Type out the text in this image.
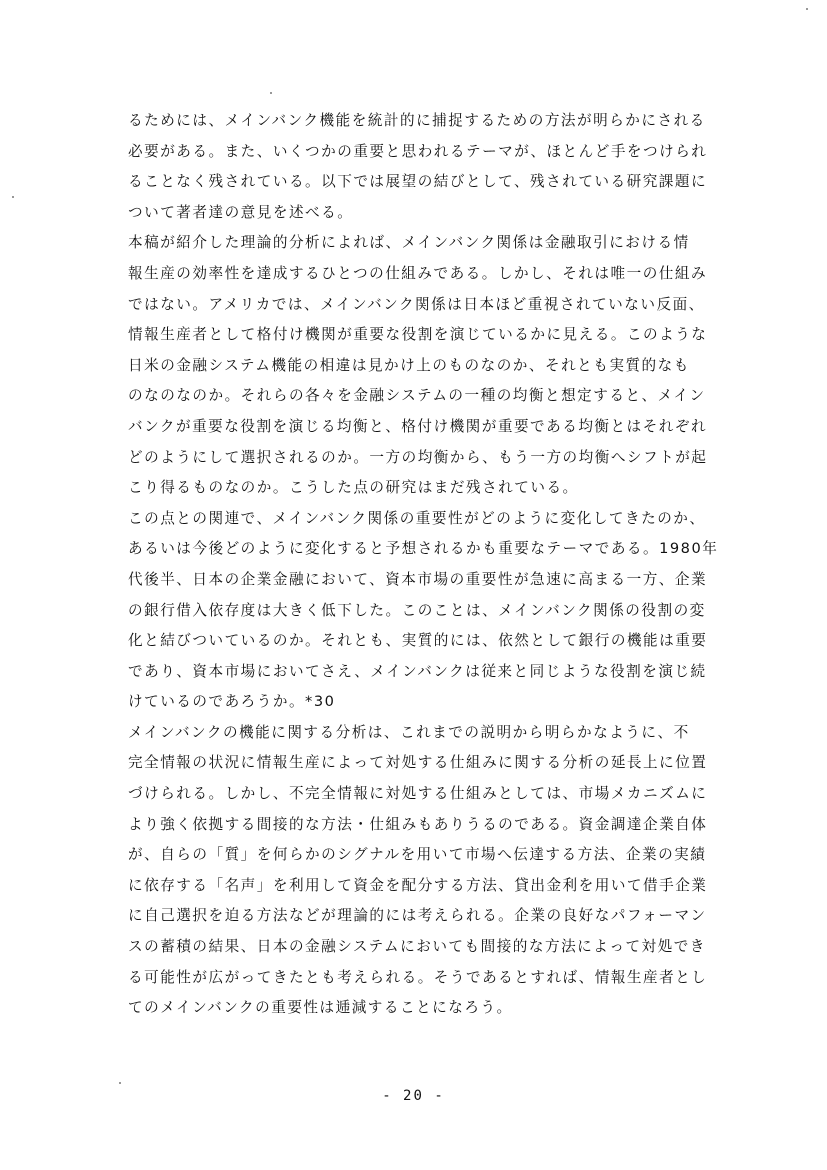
るためには、メインバンク機能を統計的に捕捉するための方法が明らかにされる
必要がある。また、いくつかの重要と思われるテーマが、ほとんど手をつけられ
ることなく残されている。以下では展望の結びとして、残されている研究課題に
ついて著者達の意見を述べる。
本稿が紹介した理論的分析によれば、メインバンク関係は金融取引における情
報生産の効率性を達成するひとつの仕組みである。しかし、それは唯一の仕組み
ではない。アメリカでは、メインバンク関係は日本ほど重視されていない反面、
情報生産者として格付け機関が重要な役割を演じているかに見える。このような
日米の金融システム機能の相違は見かけ上のものなのか、それとも実質的なも
のなのなのか。それらの各々を金融システムの一種の均衡と想定すると、メイン
バンクが重要な役割を演じる均衡と、格付け機関が重要である均衡とはそれぞれ
どのようにして選択されるのか。一方の均衡から、もう一方の均衡へシフトが起
こり得るものなのか。こうした点の研究はまだ残されている。
この点との関連で、メインバンク関係の重要性がどのように変化してきたのか、
あるいは今後どのように変化すると予想されるかも重要なテーマである。1980年
代後半、日本の企業金融において、資本市場の重要性が急速に高まる一方、企業
の銀行借入依存度は大きく低下した。このことは、メインバンク関係の役割の変
化と結びついているのか。それとも、実質的には、依然として銀行の機能は重要
であり、資本市場においてさえ、メインバンクは従来と同じような役割を演じ続
けているのであろうか。*30
メインバンクの機能に関する分析は、これまでの説明から明らかなように、不
完全情報の状況に情報生産によって対処する仕組みに関する分析の延長上に位置
づけられる。しかし、不完全情報に対処する仕組みとしては、市場メカニズムに
より強く依拠する間接的な方法・仕組みもありうるのである。資金調達企業自体
が、自らの「質」を何らかのシグナルを用いて市場へ伝達する方法、企業の実績
に依存する「名声」を利用して資金を配分する方法、貸出金利を用いて借手企業
に自己選択を迫る方法などが理論的には考えられる。企業の良好なパフォーマン
スの蓄積の結果、日本の金融システムにおいても間接的な方法によって対処でき
る可能性が広がってきたとも考えられる。そうであるとすれば、情報生産者とし
てのメインバンクの重要性は逓減することになろう。
- 20 -
